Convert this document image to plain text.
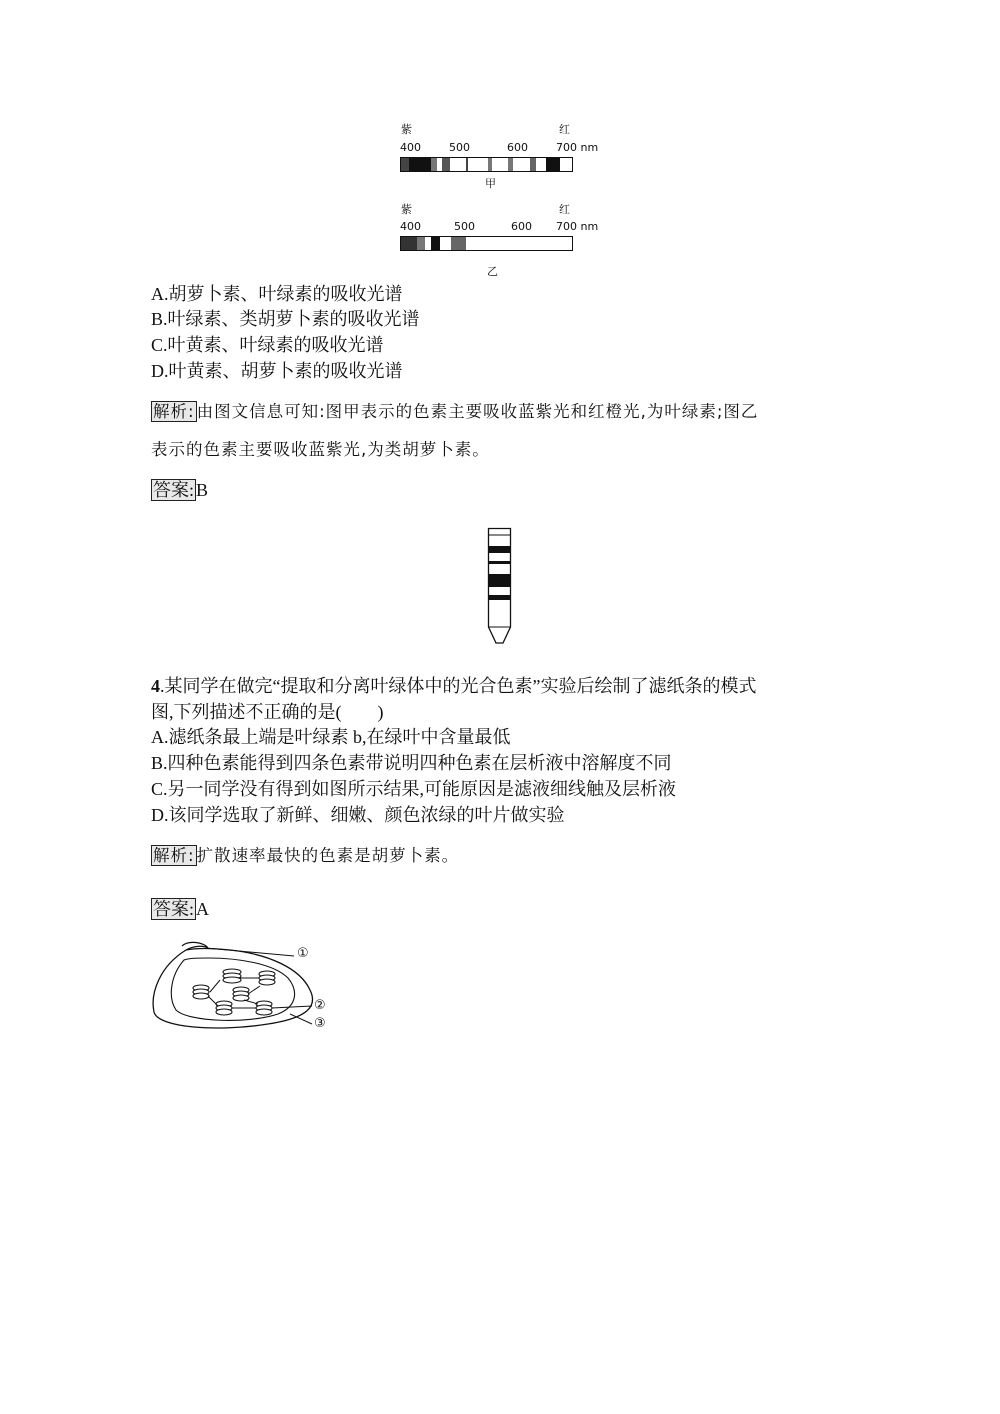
紫	红
400	500	600	700 nm
甲
紫	红
400	500	600 700 nm
乙
A.胡萝卜素、叶绿素的吸收光谱
B.叶绿素、类胡萝卜素的吸收光谱
C.叶黄素、叶绿素的吸收光谱
D.叶黄素、胡萝卜素的吸收光谱
解析: 由图文信息可知:图甲表示的色素主要吸收蓝紫光和红橙光,为叶绿素;图乙
表示的色素主要吸收蓝紫光,为类胡萝卜素。
答案: B
4.某同学在做完“提取和分离叶绿体中的光合色素”实验后绘制了滤纸条的模式
图,下列描述不正确的是(　　)
A.滤纸条最上端是叶绿素 b,在绿叶中含量最低
B.四种色素能得到四条色素带说明四种色素在层析液中溶解度不同
C.另一同学没有得到如图所示结果,可能原因是滤液细线触及层析液
D.该同学选取了新鲜、细嫩、颜色浓绿的叶片做实验
解析: 扩散速率最快的色素是胡萝卜素。
答案: A
①
②
③
